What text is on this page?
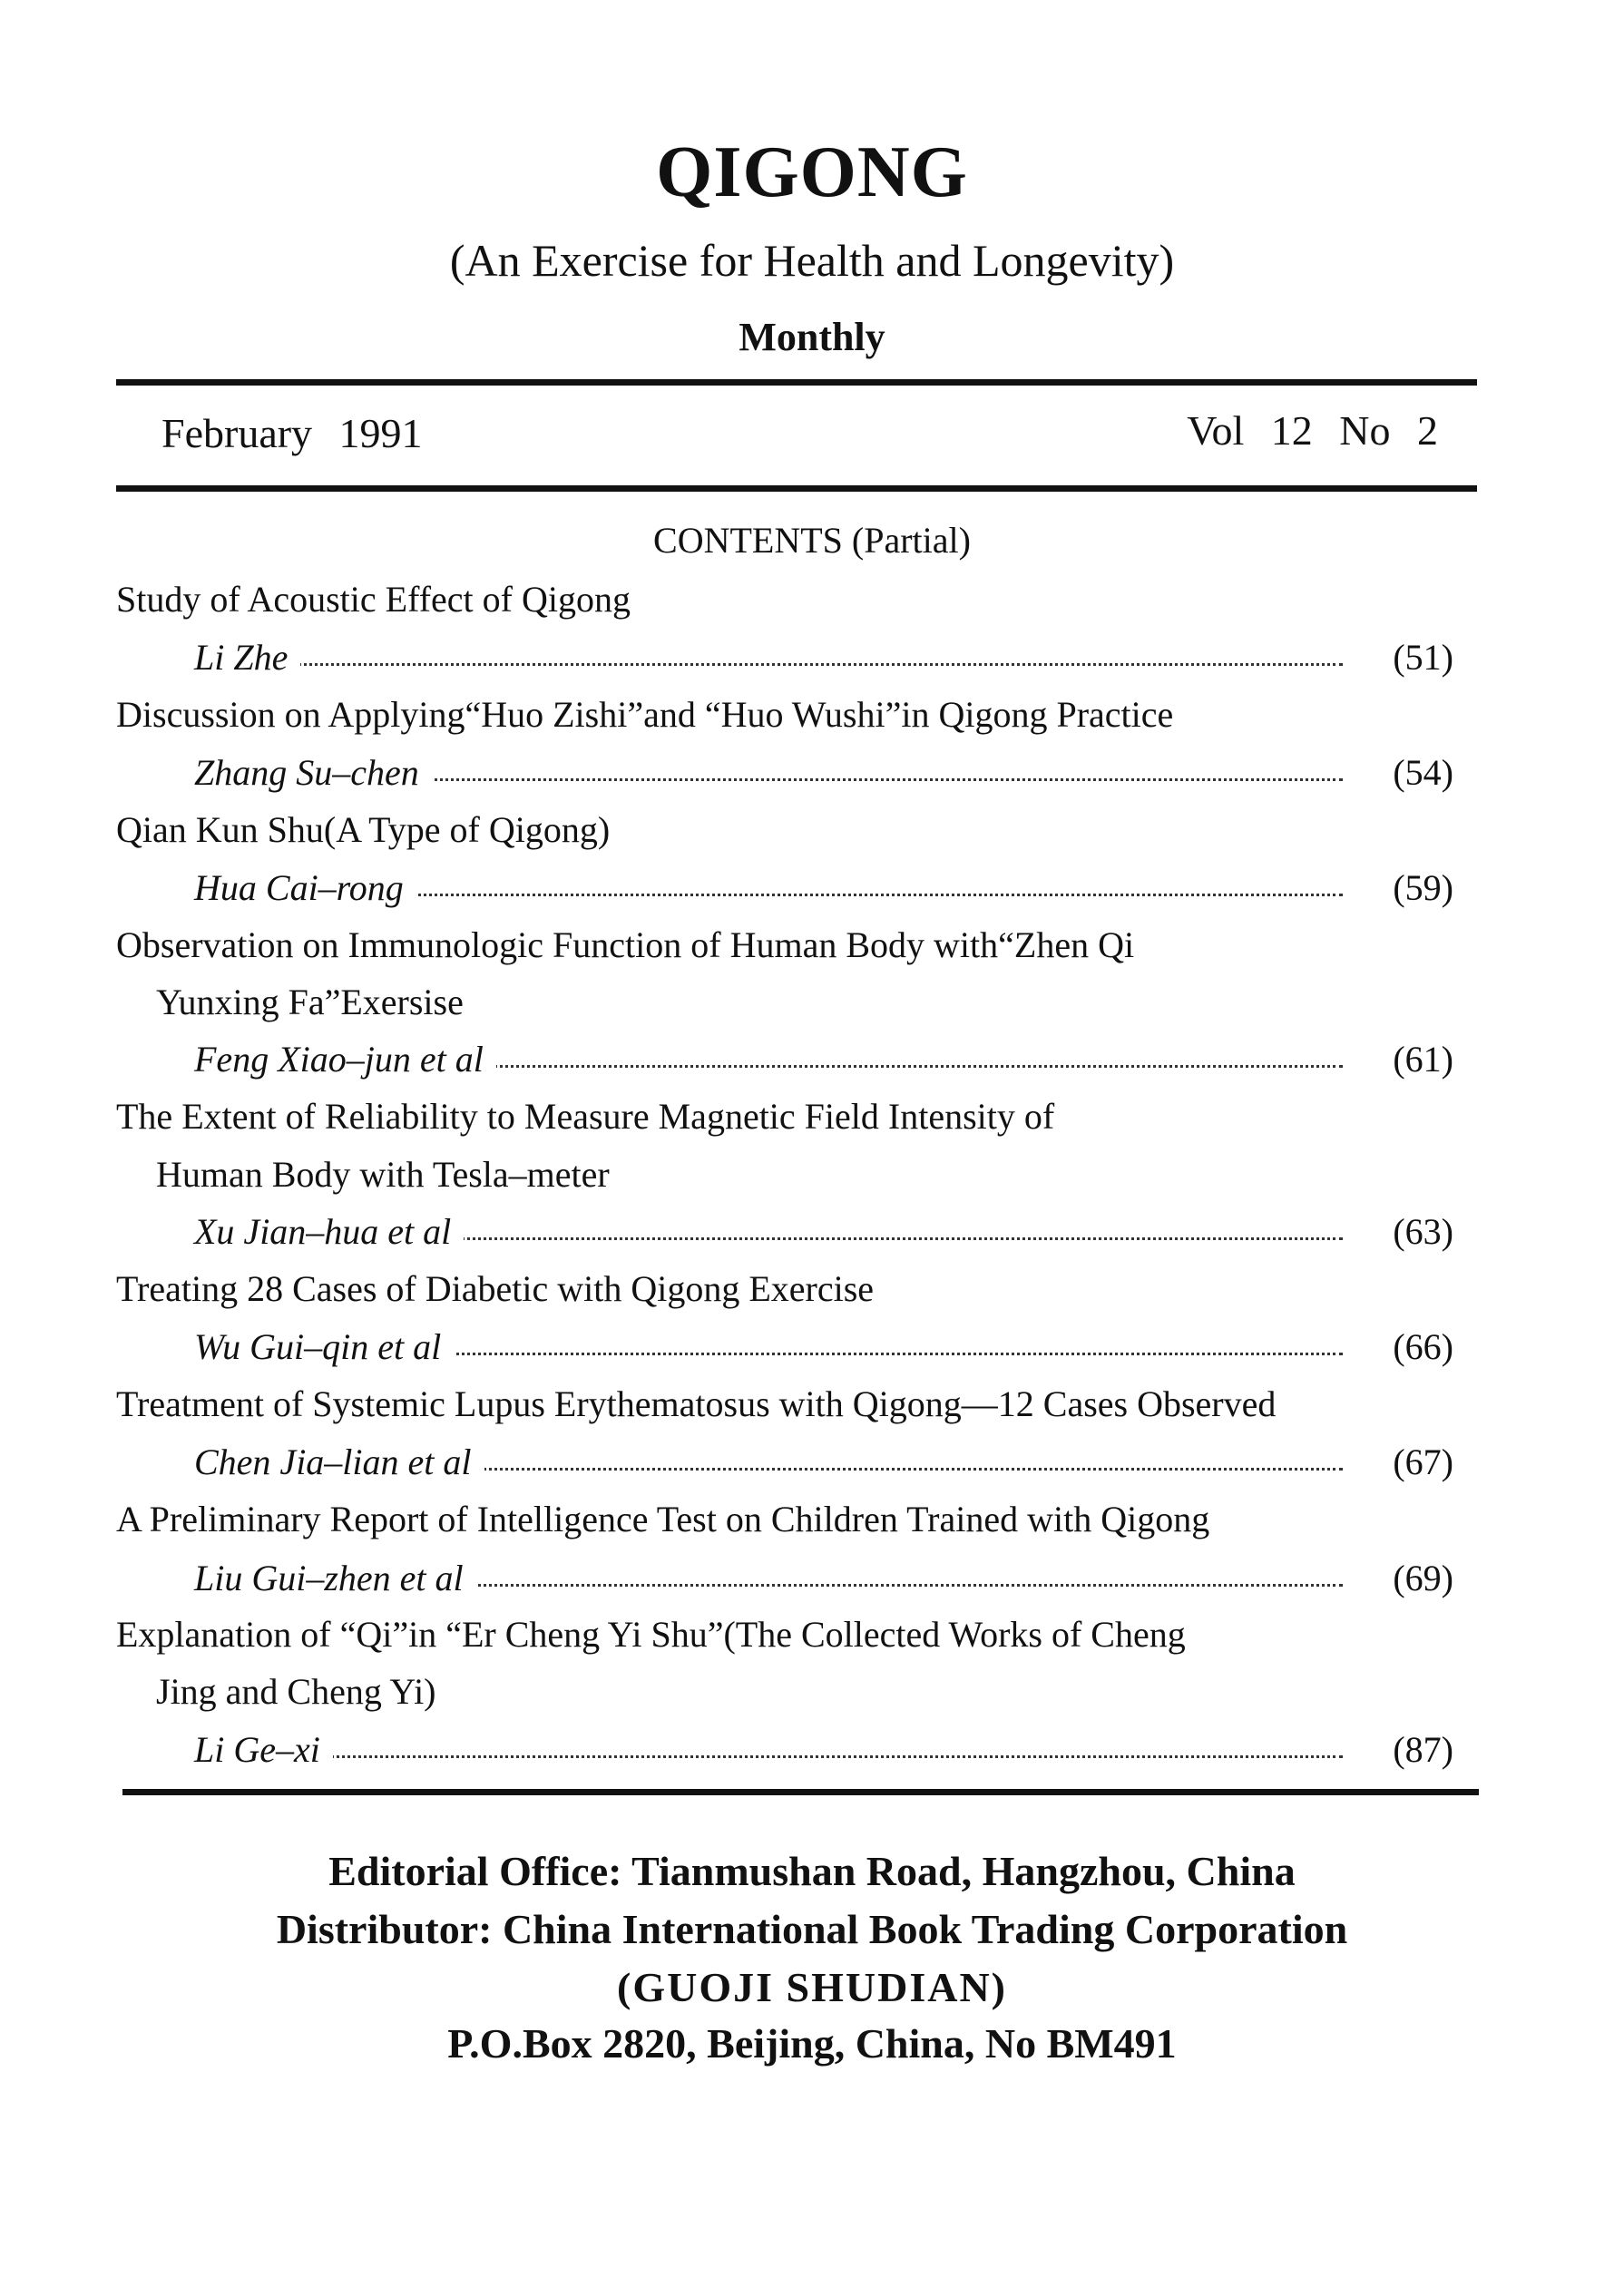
QIGONG
(An Exercise for Health and Longevity)
Monthly
February 1991	Vol 12 No 2
CONTENTS (Partial)
Study of Acoustic Effect of Qigong
Li Zhe	(51)
Discussion on Applying“Huo Zishi”and “Huo Wushi”in Qigong Practice
Zhang Su–chen	(54)
Qian Kun Shu(A Type of Qigong)
Hua Cai–rong	(59)
Observation on Immunologic Function of Human Body with“Zhen Qi
Yunxing Fa”Exersise
Feng Xiao–jun et al	(61)
The Extent of Reliability to Measure Magnetic Field Intensity of
Human Body with Tesla–meter
Xu Jian–hua et al	(63)
Treating 28 Cases of Diabetic with Qigong Exercise
Wu Gui–qin et al	(66)
Treatment of Systemic Lupus Erythematosus with Qigong—12 Cases Observed
Chen Jia–lian et al	(67)
A Preliminary Report of Intelligence Test on Children Trained with Qigong
Liu Gui–zhen et al	(69)
Explanation of “Qi”in “Er Cheng Yi Shu”(The Collected Works of Cheng
Jing and Cheng Yi)
Li Ge–xi	(87)
Editorial Office: Tianmushan Road, Hangzhou, China
Distributor: China International Book Trading Corporation
(GUOJI SHUDIAN)
P.O.Box 2820, Beijing, China, No BM491
